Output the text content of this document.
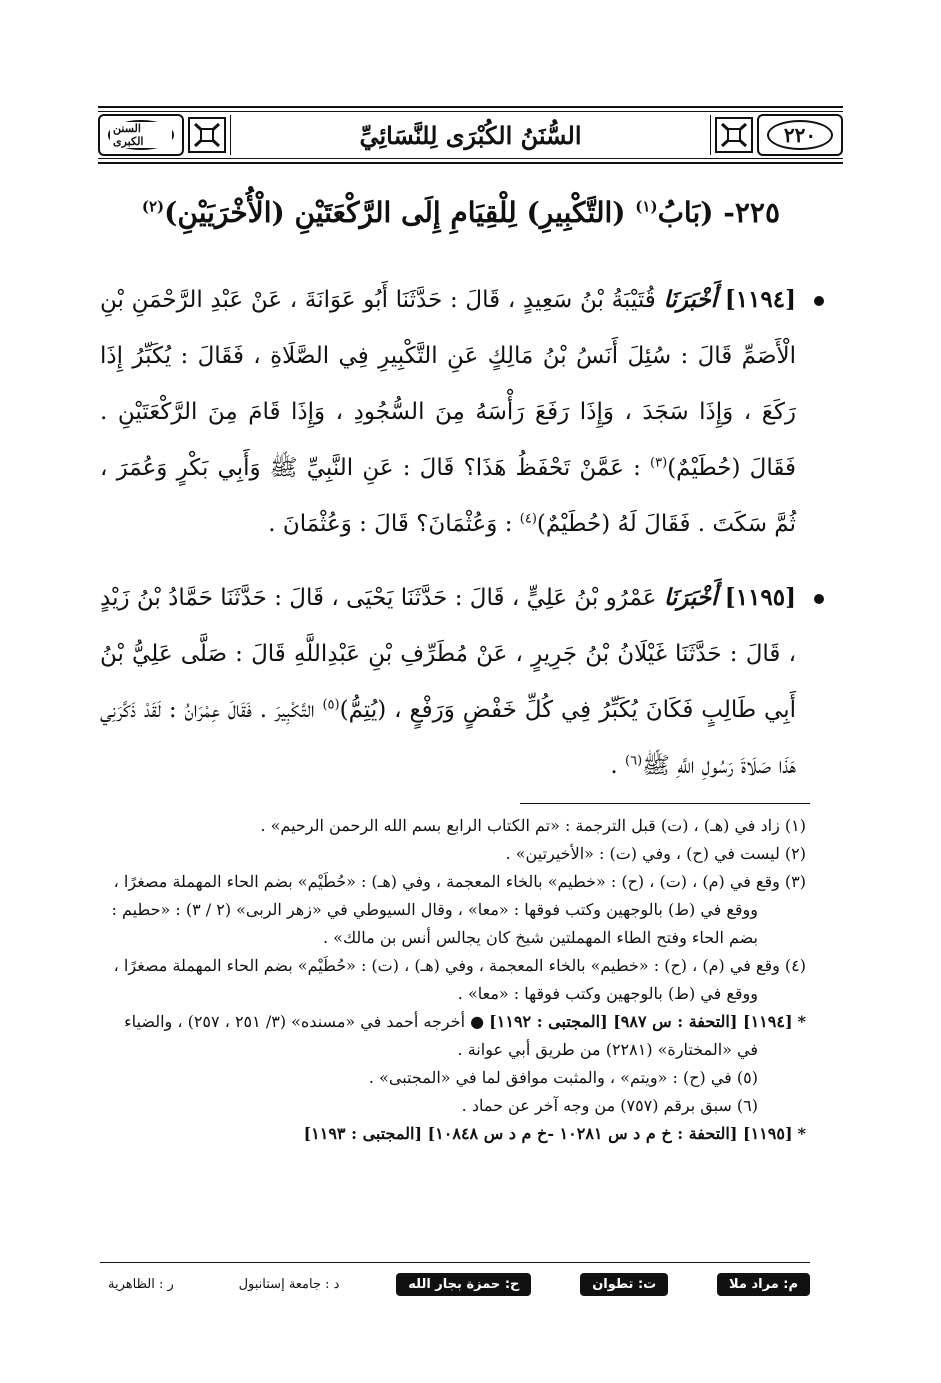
السنن الكبرى	السُّنَنُ الكُبْرَى لِلنَّسَائِيِّ	٢٢٠
٢٢٥- (بَابُ$^{(١)}$ (التَّكْبِيرِ) لِلْقِيَامِ إِلَى الرَّكْعَتَيْنِ (الْأُخْرَيَيْنِ)$^{(٢)}$

[١١٩٤] أَخْبَرَنَا قُتَيْبَةُ بْنُ سَعِيدٍ ، قَالَ : حَدَّثَنَا أَبُو عَوَانَةَ ، عَنْ عَبْدِ الرَّحْمَنِ بْنِ الْأَصَمِّ قَالَ : سُئِلَ أَنَسُ بْنُ مَالِكٍ عَنِ التَّكْبِيرِ فِي الصَّلَاةِ ، فَقَالَ : يُكَبِّرُ إِذَا رَكَعَ ، وَإِذَا سَجَدَ ، وَإِذَا رَفَعَ رَأْسَهُ مِنَ السُّجُودِ ، وَإِذَا قَامَ مِنَ الرَّكْعَتَيْنِ . فَقَالَ (حُطَيْمٌ)$^{(٣)}$ : عَمَّنْ تَحْفَظُ هَذَا؟ قَالَ : عَنِ النَّبِيِّ ﷺ وَأَبِي بَكْرٍ وَعُمَرَ ، ثُمَّ سَكَتَ . فَقَالَ لَهُ (حُطَيْمٌ)$^{(٤)}$ : وَعُثْمَانَ؟ قَالَ : وَعُثْمَانَ .

[١١٩٥] أَخْبَرَنَا عَمْرُو بْنُ عَلِيٍّ ، قَالَ : حَدَّثَنَا يَحْيَى ، قَالَ : حَدَّثَنَا حَمَّادُ بْنُ زَيْدٍ ، قَالَ : حَدَّثَنَا غَيْلَانُ بْنُ جَرِيرٍ ، عَنْ مُطَرِّفِ بْنِ عَبْدِاللَّهِ قَالَ : صَلَّى عَلِيُّ بْنُ أَبِي طَالِبٍ فَكَانَ يُكَبِّرُ فِي كُلِّ خَفْضٍ وَرَفْعٍ ، (يُتِمُّ)$^{(٥)}$ التَّكْبِيرَ . فَقَالَ عِمْرَانُ : لَقَدْ ذَكَّرَنِي هَذَا صَلَاةَ رَسُولِ اللَّهِ ﷺ$^{(٦)}$ .

(١) زاد في (هـ) ، (ت) قبل الترجمة : «تم الكتاب الرابع بسم الله الرحمن الرحيم» .

(٢) ليست في (ح) ، وفي (ت) : «الأخيرتين» .

(٣) وقع في (م) ، (ت) ، (ح) : «خطيم» بالخاء المعجمة ، وفي (هـ) : «حُطَيْم» بضم الحاء المهملة مصغرًا ، ووقع في (ط) بالوجهين وكتب فوقها : «معا» ، وقال السيوطي في «زهر الربى» (٢ / ٣) : «حطيم : بضم الحاء وفتح الطاء المهملتين شيخ كان يجالس أنس بن مالك» .

(٤) وقع في (م) ، (ح) : «خطيم» بالخاء المعجمة ، وفي (هـ) ، (ت) : «حُطَيْم» بضم الحاء المهملة مصغرًا ، ووقع في (ط) بالوجهين وكتب فوقها : «معا» .

* [١١٩٤] [التحفة : س ٩٨٧] [المجتبى : ١١٩٢] ● أخرجه أحمد في «مسنده» (٣/ ٢٥١ ، ٢٥٧) ، والضياء في «المختارة» (٢٢٨١) من طريق أبي عوانة .

(٥) في (ح) : «ويتم» ، والمثبت موافق لما في «المجتبى» .

(٦) سبق برقم (٧٥٧) من وجه آخر عن حماد .

* [١١٩٥] [التحفة : خ م د س ١٠٢٨١ -خ م د س ١٠٨٤٨] [المجتبى : ١١٩٣]

م: مراد ملا
ت: تطوان
ح: حمزة بجار الله
د : جامعة إستانبول
ر : الظاهرية
